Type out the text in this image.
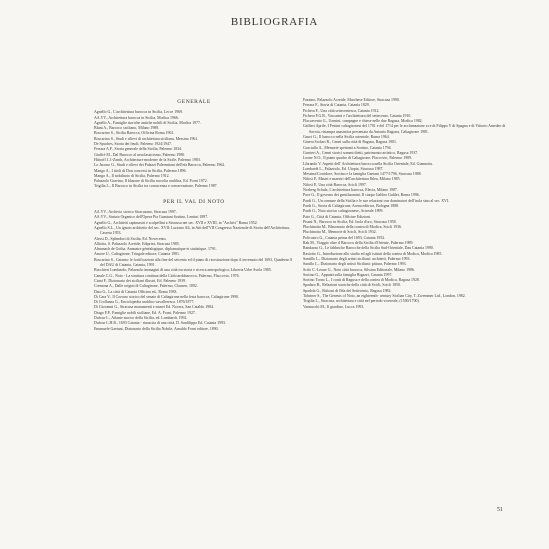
BIBLIOGRAFIA
GENERALE

Agnello G., L'architettura barocca in Sicilia, Lecce 1969.

AA.VV., Architettura barocca in Sicilia, Modica 1966.

Agnello A., Famiglie storiche antiche nobili di Sicilia, Modica 1977.

Blunt A., Barocco siciliano, Milano 1988.

Boscarino S., Sicilia Barocca, Officina Roma 1961.

Boscarino S., Studi e rilievi di architettura siciliana, Messina 1961.

De Spuches, Storia dei feudi, Palermo 1924/1947.

Ferrara A.F., Storia generale della Sicilia, Palermo 1834.

Giuffrè M., Dal Barocco al neoclassicismo, Palermo 1980.

Hittorff J.J.-Zanth, Architecture moderne de la Sicile, Palermo 1983.

Lo Jacono G., Studi e rilievi dei Palazzi Palermitani dell'età Barocca, Palermo 1962.

Mango A., I titoli di Don concessi in Sicilia, Palermo 1896.

Mango A., Il nobiliario di Sicilia, Palermo 1912.

Palazzolo Gravina, Il blasone di Sicilia raccolta araldica, Ed. Forni 1972.

Trigilia L., Il Barocco in Sicilia tra conoscenza e conservazione, Palermo 1987.

PER IL VAL DI NOTO

AA.VV., Archivio storico Siracusano, Siracusa 1997.

AA.VV., Statuto Organico dell'Opera Pia Guastani Sortino, Lentini 1897.

Agnello G., Architetti capimastri e scalpellini a Siracusa nei sec. XVII e XVIII, in "Archivi" Roma 1952.

Agnello S.L., Un ignoto architetto del sec. XVII: Luciano Ali, in Atti dell'VII Congresso Nazionale di Storia dell'Architettura, Caserta 1953.

Alessi D., Splendori di Sicilia, Ed. Novecento.

Alliotta, S. Palazzolo Acreide, Ediprint, Siracusa 1985.

Almanach de Gotha, Annuaire généalogique, diplomatique et statistique, 1791.

Amore U., Caltagirone, Tringale editore, Catania 1981.

Boscarino S., Catania: le fortificazioni alla fine del seicento ed il piano di ricostruzione dopo il terremoto del 1693, Quaderno 8 del DAU di Catania, Catania, 1991.

Bucchieri Lombardo, Palazzolo immagini di una città tra storia e ricerca antropologica, Libreria Urbe Avola 1985.

Canale C.G., Noto - La struttura continua della Città tardobarocca, Palermo, Flaccovio, 1976.

Ciuni F., Dizionario dei siciliani illustri, Ed. Palermo 1939.

Cremona A., Dalle origini di Caltagirone, Palermo, Clausen, 1892.

Dato G., La città di Catania Officina ed., Roma 1983.

Di Cara V., Il Corsaro storico del senato di Caltagirone nella festa barocca, Caltagirone 1990.

Di Crollanza G., Enciclopedia araldico-cavalleresca. 1876/1877.

Di Giovanni G., Siracusa monumenti e musei Ed. Nocera, San Cataldo 1984.

Drago F.P., Famiglie nobili siciliane, Ed. A. Forni, Palermo 1927.

Dufour L., Atlante storico della Sicilia, ed. Lombardi, 1992.

Dufour L.H.R., 1693 Catania - rinascita di una città, D. Sanfilippo Ed. Catania 1993.

Emanuele Gaetani, Dizionario della Sicilia Nobile, Arnaldo Forni editore, 1890.

Fazzino, Palazzolo Acreide, Marchese Editore, Siracusa 1990.

Ferrara F., Storia di Catania, Catania 1829.

Fichera F., Una città settecentesca, Catania 1912.

Fichera F.G.B., Vaccarini e l'architettura del settecento, Catania 1910.

Flaccavento G., Uomini, campagne e chiese nelle due Ragusa, Modica 1982.

Gallieri Aprile, I Festini caltagironesi del 1701 e del 1714 per le acclamazione a re di Filippo V di Spagna e di Vittorio Amedeo di Savoia, ristampa anastatica presentata da Antonio Ragona, Caltagirone 1981.

Gauci G., Il barocco nella Sicilia orientale, Roma 1964.

Giuera Scolari R., Cenni sulla città di Ragusa, Ragusa 1901.

Gurciullo A., Memorie spettanti a Sortino, Catania 1794.

Gurrieri A., Cenni storici sommi dietti, patrimonio artistico, Ragusa 1937.

Leone N.O., Il piano quadro di Caltagirone, Flaccovio, Palermo 1989.

Librando V. Aspetti dell' Architettura barocca nella Sicilia Orientale, Ed. Giannotta.

Lombardi L., Palazzolo, Ed. Utopia, Siracusa 1987.

Messina/Corridore, Sortino e la famiglia Gaetani 1477/1796, Siracusa 1988.

Nifosì P., Mastri e maestri dell'architettura Iblea, Milano 1985.

Nifosì P., Una città Barocca, Scicli 1997.

Norberg Schulz, L'architettura barocca, Electa, Milano 1987.

Pace G., Il governo dei gentiluomini, Il ciarpo Galileo Galilei, Roma 1996.

Pardi G., Un comune della Sicilia e le sue relazioni con dominatori dell'isola sino al sec. XVI.

Pardi G., Storia di Caltagirone, Arena editrice, Bologna 1888.

Pardi G., Noto storico caltagironese, Acireale 1899.

Pato G., Città di Catania, Officine Edizioni.

Pisani N., Barocco in Sicilia, Ed. Isola d'oro, Siracusa 1958.

Pluchinotta M., Blasonario della contea di Modica, Scicli 1936.

Pluchinotta M., Memorie di Scicli, Scicli 1932.

Policastro G., Catania prima del 1693, Catania 1952.

Rak M., Viaggio oltre il Barocco della Sicilia d'Oriente, Palermo 1989.

Randazzo G., Le fabbriche Barocche della Sicilia Sud-Orientale, Dau Catania 1990.

Rasiotto G., Introduzione allo studio ed agli istituti della contea di Modica, Modica 1985.

Santillo L., Dizionario degli artisti siciliani: architetti, Palermo 1993.

Sarullo L., Dizionario degli artisti Siciliani: pittura, Palermo 1993.

Scifo C.-Leone G., Noto città barocca, Silvana Editoriale, Milano 1986.

Sortino G., Appunti sulla famiglia Bigazzi, Catania 1997.

Sortino Trono L., I conti di Ragusa e della contea di Modica, Ragusa 1928.

Spadaro B., Relazioni storiche della città di Scicli, Scicli 1850.

Spadola G., Balconi di Ibla del Settecento, Ragusa 1982.

Tobriner S., The Genesis of Noto, an eighteenth- century Sicilian City, T. Zwemmer Ltd., London, 1982.

Trigilia L., Siracusa, architettura e città nel periodo vicereale, (1500/1700).

Vannucchi M., Il giardino, Lucca 1993.

51
